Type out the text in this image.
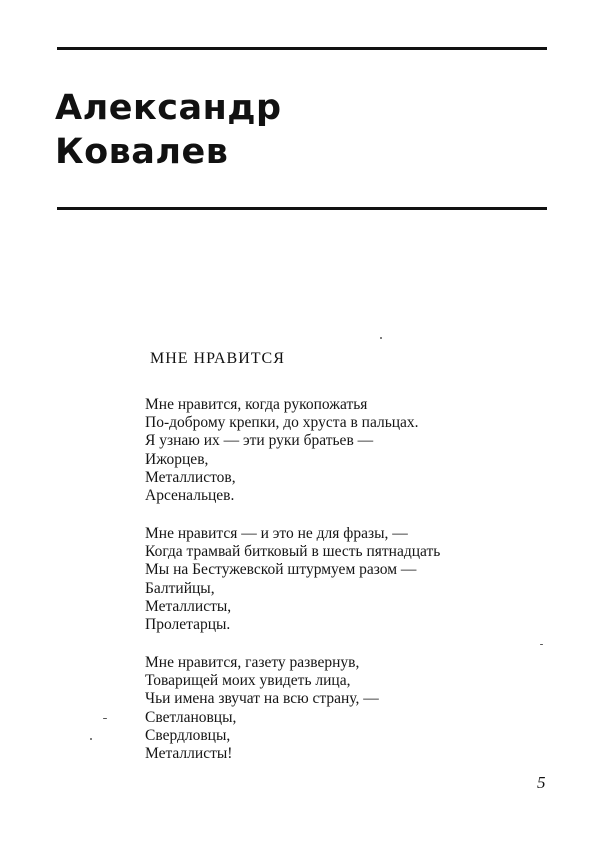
Александр
Ковалев
МНЕ НРАВИТСЯ
Мне нравится, когда рукопожатья
По-доброму крепки, до хруста в пальцах.
Я узнаю их — эти руки братьев —
Ижорцев,
Металлистов,
Арсенальцев.
Мне нравится — и это не для фразы, —
Когда трамвай битковый в шесть пятнадцать
Мы на Бестужевской штурмуем разом —
Балтийцы,
Металлисты,
Пролетарцы.
Мне нравится, газету развернув,
Товарищей моих увидеть лица,
Чьи имена звучат на всю страну, —
Светлановцы,
Свердловцы,
Металлисты!
5
